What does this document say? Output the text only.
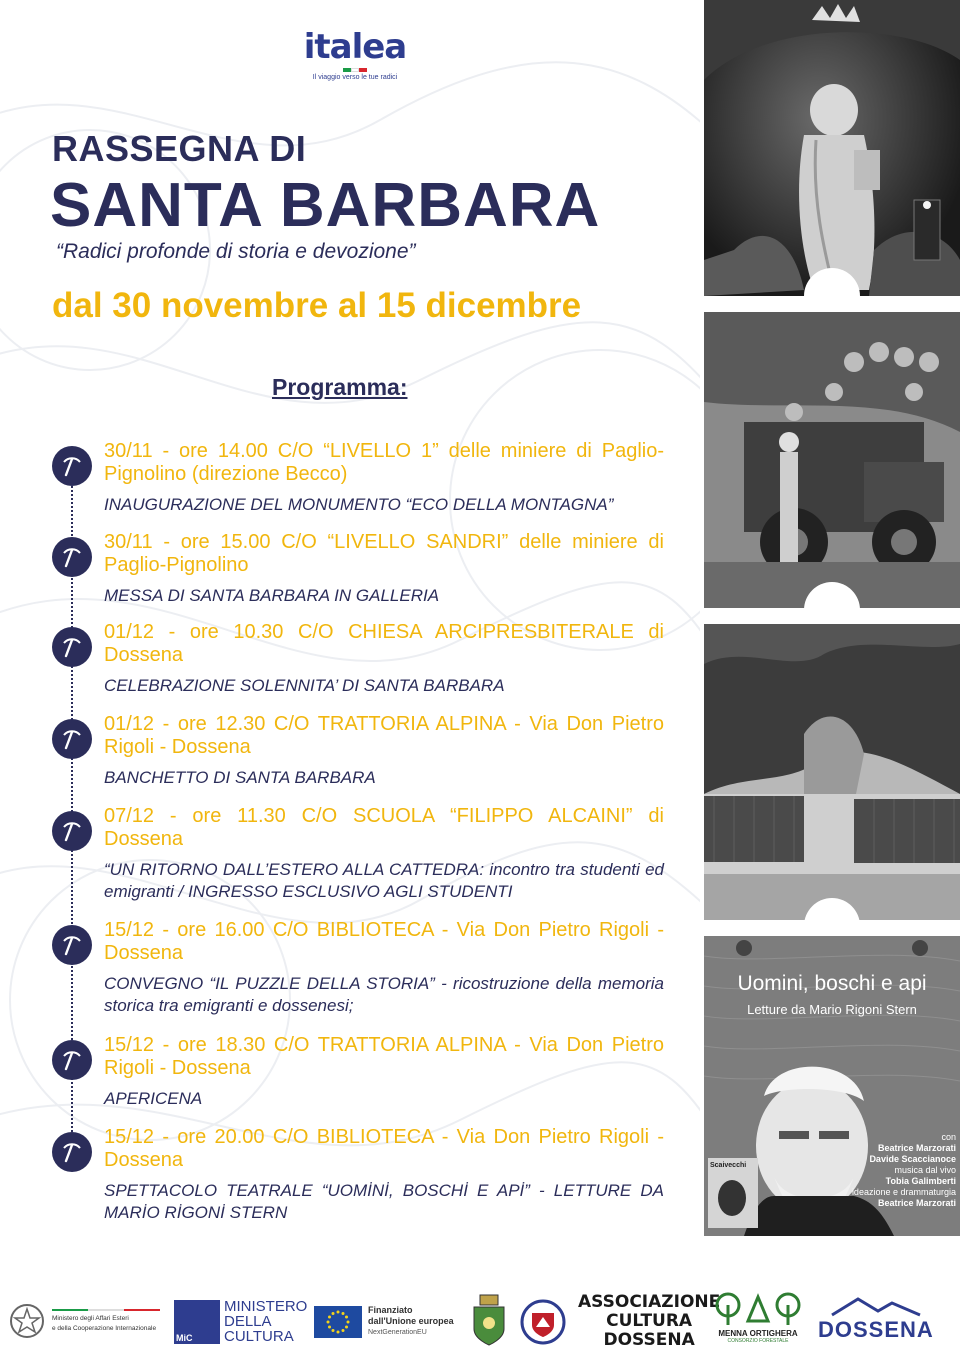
italea
Il viaggio verso le tue radici
RASSEGNA DI
SANTA BARBARA
“Radici profonde di storia e devozione”
dal 30 novembre al 15 dicembre
Programma:
30/11 - ore 14.00 C/O “LIVELLO 1” delle miniere di Paglio-Pignolino (direzione Becco)
INAUGURAZIONE DEL MONUMENTO “ECO DELLA MONTAGNA”
30/11 - ore 15.00 C/O “LIVELLO SANDRI” delle miniere di Paglio-Pignolino
MESSA DI SANTA BARBARA IN GALLERIA
01/12 - ore 10.30 C/O CHIESA ARCIPRESBITERALE di Dossena
CELEBRAZIONE SOLENNITA’ DI SANTA BARBARA
01/12 - ore 12.30 C/O TRATTORIA ALPINA - Via Don Pietro Rigoli - Dossena
BANCHETTO DI SANTA BARBARA
07/12 - ore 11.30 C/O SCUOLA “FILIPPO ALCAINI” di Dossena
“UN RITORNO DALL’ESTERO ALLA CATTEDRA: incontro tra studenti ed emigranti / INGRESSO ESCLUSIVO AGLI STUDENTI
15/12 - ore 16.00 C/O BIBLIOTECA - Via Don Pietro Rigoli - Dossena
CONVEGNO “IL PUZZLE DELLA STORIA” - ricostruzione della memoria storica tra emigranti e dossenesi;
15/12 - ore 18.30 C/O TRATTORIA ALPINA - Via Don Pietro Rigoli - Dossena
APERICENA
15/12 - ore 20.00 C/O BIBLIOTECA - Via Don Pietro Rigoli - Dossena
SPETTACOLO TEATRALE “UOMİNİ, BOSCHİ E APİ” - LETTURE DA MARİO RİGONİ STERN
Uomini, boschi e api
Letture da Mario Rigoni Stern
con
Beatrice Marzorati
Davide Scaccianoce
musica dal vivo
Tobia Galimberti
ideazione e drammaturgia
Beatrice Marzorati
Scaivecchi
Ministero degli Affari Esteri
e della Cooperazione Internazionale
MiC
MINISTERO
DELLA
CULTURA
Finanziato
dall'Unione europea
NextGenerationEU
ASSOCIAZIONE
CULTURA
DOSSENA	MENNA ORTIGHERA
CONSORZIO FORESTALE DOSSENA
